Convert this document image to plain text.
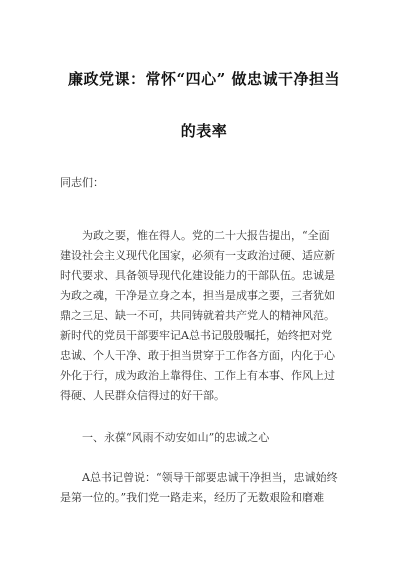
廉政党课：常怀“四心” 做忠诚干净担当
的表率
同志们：
为政之要，惟在得人。党的二十大报告提出，“全面
建设社会主义现代化国家，必须有一支政治过硬、适应新
时代要求、具备领导现代化建设能力的干部队伍。忠诚是
为政之魂，干净是立身之本，担当是成事之要，三者犹如
鼎之三足、缺一不可，共同铸就着共产党人的精神风范。
新时代的党员干部要牢记A总书记殷殷嘱托，始终把对党
忠诚、个人干净、敢于担当贯穿于工作各方面，内化于心
外化于行，成为政治上靠得住、工作上有本事、作风上过
得硬、人民群众信得过的好干部。
一、永葆“风雨不动安如山”的忠诚之心
A总书记曾说：“领导干部要忠诚干净担当，忠诚始终
是第一位的。”我们党一路走来，经历了无数艰险和磨难
